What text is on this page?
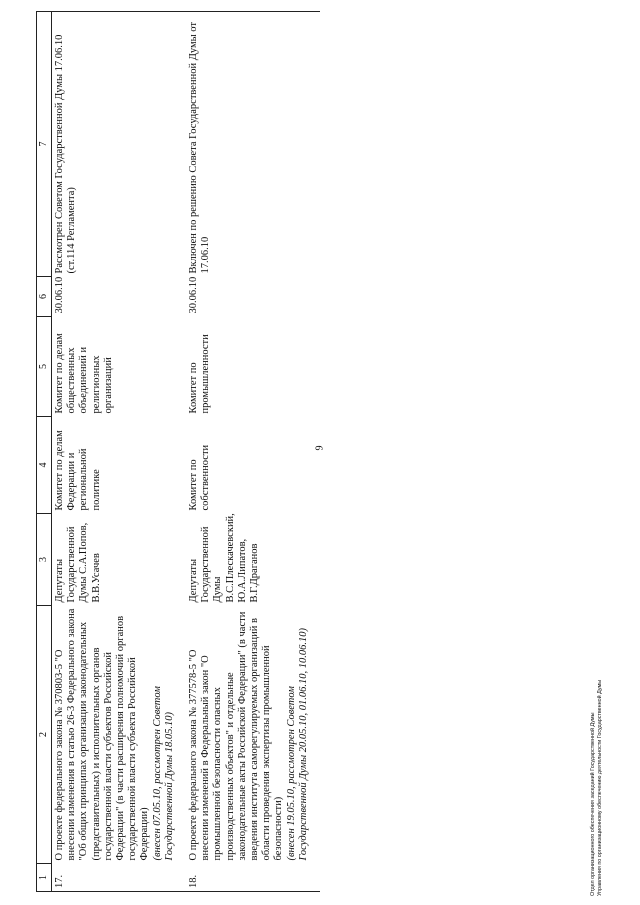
9
1	2	3	4	5	6	7
17.	О проекте федерального закона № 370803-5 "О внесении изменения в статью 26-3 Федерального закона "Об общих принципах организации законодательных (представительных) и исполнительных органов государственной власти субъектов Российской Федерации" (в части расширения полномочий органов государственной власти субъекта Российской Федерации)
(внесен 07.05.10, рассмотрен Советом Государственной Думы 18.05.10)	Депутаты Государственной Думы С.А.Попов, В.В.Усачев	Комитет по делам Федерации и региональной политике	Комитет по делам общественных объединений и религиозных организаций	30.06.10	Рассмотрен Советом Государственной Думы 17.06.10 (ст.114 Регламента)
18.	О проекте федерального закона № 377578-5 "О внесении изменений в Федеральный закон "О промышленной безопасности опасных производственных объектов" и отдельные законодательные акты Российской Федерации" (в части введения института саморегулируемых организаций в области проведения экспертизы промышленной безопасности)
(внесен 19.05.10, рассмотрен Советом Государственной Думы 20.05.10, 01.06.10, 10.06.10)	Депутаты Государственной Думы В.С.Плескачевский, Ю.А.Липатов, В.Г.Драганов	Комитет по собственности	Комитет по промышленности	30.06.10	Включен по решению Совета Государственной Думы от 17.06.10
Отдел организационного обеспечения заседаний Государственной Думы Управления по организационному обеспечению деятельности Государственной Думы
